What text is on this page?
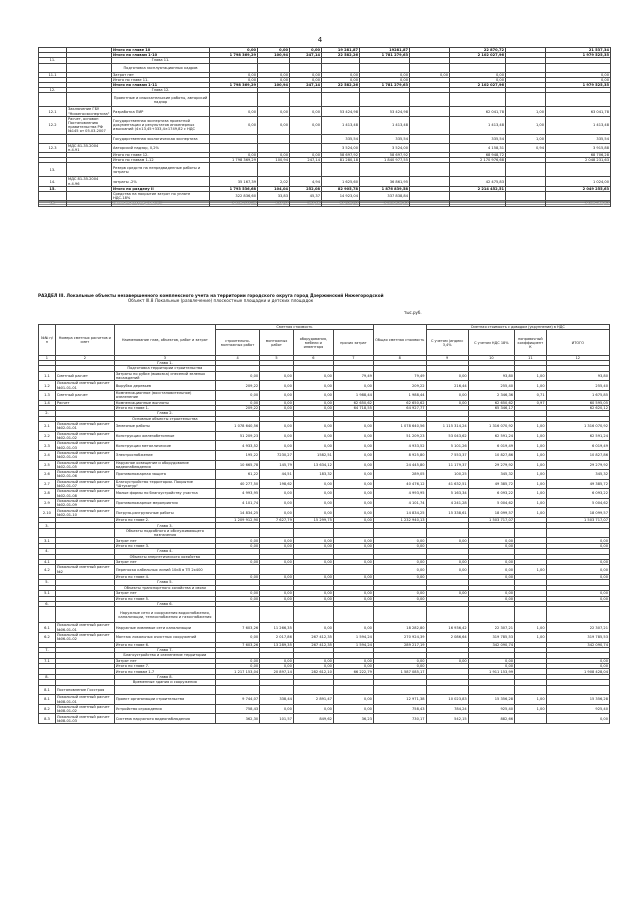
4
		Итого по главе 10	0,00	0,00	0,00	19 281,87	19281,87		22 870,72		21 537,34
		Итого по главам 1-10	1 798 369,29	100,94	247,14	22 582,26	1 781 279,63		2 102 027,96		1 979 525,35
11.		Глава 11.									
		Подготовка эксплуатационных кадров									
11.1		Затрат нет	0,00	0,00	0,00	0,00	0,00	0,00	0,00		0,00
		Итого по главе 11.	0,00	0,00	0,00	0,00	0,00		0,00		0,00
		Итого по главам 1-11	1 798 369,29	100,94	247,14	22 582,26	1 781 279,63		2 102 027,96		1 979 525,35
12.		Глава 12.									
		Проектные и изыскательские работы, авторский надзор									
12.1	Заключение ГБУ "Нижегосэкспертиза"	Разработка ПИР	0,00	0,00	0,00	53 424,98	53 424,98		62 041,78	1,00	63 041,78
12.2	Расчет, основан Постановлению правительства РФ №145 от 05.03.2007	Государственная экспертиза проектной документации и результатов инженерных изысканий (4×13,45+333,4×1749,82 с НДС	0,00	0,00	0,00	1 413,48	1 413,48		1 413,48	1,00	1 413,48
		Государственная экологическая экспертиза				335,54	335,54		335,54	1,00	335,54
12.3	МДС 81-35.2004 п.4.91	Авторский надзор, 0,2%				3 524,00	3 524,00		4 158,31	0,94	3 915,88
		Итого по главе 12.	0,00	0,00	0,00	58 697,92	58 697,92		68 948,72		68 706,28
		Итого по главам 1-12	1 798 369,29	100,94	247,14	81 280,18	1 840 977,55		2 170 976,68		2 048 231,63
13.		Резерв средств на непредвиденные работы и затраты									
14.	МДС 81-35.2004 п.4.96	затраты -2%	35 167,39	2,02	4,94	1 625,60	36 861,95		42 475,83		1 024,00
15.		Итого по разделу II	1 793 536,68	104,04	252,08	82 905,78	1 876 839,58		2 214 452,51		2 049 255,63
		Средства на покрытие затрат по уплате НДС-18%	322 836,60	33,83	45,37	14 923,04	337 838,84				
16.		Итого по разделу II с НДС	2 116 373,28	137,87	297,45	97 828,82	2 214 678,42				2 049 255,63
РАЗДЕЛ III. Локальные объекты незавершенного комплексного учета на территории городского округа город Дзержинский Нижегородской
Объект III.8 Локальные (развлечение) плоскостные площадки и детских площадок
тыс.руб.
№№ п/п	Номера сметных расчетов и смет	Наименование глав, объектов, работ и затрат	Сметная стоимость				Общая сметная стоимость	Сметная стоимость с доводом (укрупнение) в НДС			
			строительно-монтажных работ	монтажных работ	оборудования, мебели и инвентаря	прочих затрат		С учетом (индекс 3,4%	С учетом НДС 18%	поправочный коэффициент К	ИТОГО
1	2	3	4	5	6	7	8	9	10	11	12
		Глава 1.									
		Подготовка территории строительства									
1.1	Сметный расчет	Затраты по рубке (вывозка) снесений зеленых насаждений	0,00	0,00	0,00	79,49	79,49	0,00	93,80	1,00	93,80
1.2	Локальный сметный расчет №01-01-01	Вырубка деревьев	209,22	0,00	0,00	0,00	209,22	216,44	255,40	1,00	255,40
1.3	Сметный расчет	Компенсационное (восстановительное) озеленение	0,00	0,00	0,00	1 988,44	1 988,44	0,00	2 346,36	0,71	1 675,85
1.4	Расчет	Компенсационные выплаты	0,00	0,00	0,00	62 650,62	62 650,62	0,00	62 650,62	0,97	60 595,05
		Итого по главе 1.	209,22	0,00	0,00	64 718,55	64 927,77		65 346,17		62 620,12
2.		Глава 2.									
		Основные объекты строительства									
2.1	Локальный сметный расчет №02-01-01	Земляные работы	1 078 640,56	0,00	0,00	0,00	1 078 640,56	1 115 314,24	1 316 070,92	1,00	1 316 070,92
2.2	Локальный сметный расчет №02-01-02	Конструкции железобетонные	51 209,23	0,00	0,00	0,00	51 209,23	53 043,62	62 591,24	1,00	62 591,24
2.3	Локальный сметный расчет №02-01-03	Конструкции металлические	4 933,52	0,00	0,00	0,00	4 933,52	5 101,26	6 019,49	1,00	6 019,49
2.4	Локальный сметный расчет №02-01-04	Электроснабжение	195,22	7230,27	1582,51	0,00	8 925,80	7 553,37	10 827,86	1,00	10 827,86
2.5	Локальный сметный расчет №02-01-05	Наружное освещение и оборудование видеонаблюдения	10 665,78	145,79	13 634,12	0,00	24 445,80	11 179,37	29 279,92	1,00	29 279,92
2.6	Локальный сметный расчет №02-01-06	Противопожарная защита	61,22	44,51	183,32	0,00	289,05	100,25	345,32	1,00	345,32
2.7	Локальный сметный расчет №02-01-07	Благоустройство территории. Покрытие "Штукатур"	40 277,50	198,62	0,00	0,00	40 476,12	41 632,51	49 385,72	1,00	49 385,72
2.8	Локальный сметный расчет №02-01-08	Малые формы по благоустройству участка	4 993,95	0,00	0,00	0,00	4 993,95	5 163,34	6 093,22	1,00	6 093,22
2.9	Локальный сметный расчет №02-01-09	Противопожарные мероприятия	4 101,74	0,00	0,00	0,00	4 101,74	4 241,28	5 004,62	1,00	5 004,62
2.10	Локальный сметный расчет №02-01-10	Погрузо-разгрузочные работы	14 834,25	0,00	0,00	0,00	14 834,25	15 338,61	18 099,57	1,00	18 099,57
		Итого по главе 2.	1 209 912,90	7 627,79	15 299,75	0,00	1 232 940,13		1 503 717,07		1 503 717,07
3.		Глава 3.									
		Объекты подсобного и обслуживающего назначения									
3.1		Затрат нет	0,00	0,00	0,00	0,00	0,00	0,00	0,00		0,00
		Итого по главе 3.	0,00	0,00	0,00	0,00	0,00		0,00		0,00
4.		Глава 4.									
		Объекты энергетического хозяйства									
4.1		Затрат нет	0,00	0,00	0,00	0,00	0,00	0,00	0,00		0,00
4.2	Локальный сметный расчет №2	Переноска кабельных линий 10кВ в ТП 2х400					0,00	0,00	0,00	1,00	0,00
		Итого по главе 4.	0,00	0,00	0,00	0,00	0,00		0,00		0,00
5.		Глава 5.									
		Объекты транспортного хозяйства и связи									
5.1		Затрат нет	0,00	0,00	0,00	0,00	0,00	0,00	0,00		0,00
		Итого по главе 5.	0,00	0,00	0,00	0,00	0,00		0,00		0,00
6.		Глава 6.									
		Наружные сети и сооружения водоснабжения, канализации, теплоснабжения и газоснабжения									
6.1	Локальный сметный расчет №06-01-01	Наружные ливневые сети канализации	7 603,26	11 266,35	0,00	0,00	18 282,80	16 936,42	22 307,21	1,00	22 307,21
6.2	Локальный сметный расчет №06-01-02	Монтаж локальных очистных сооружений	0,00	2 017,86	267 412,35	1 594,24	270 924,39	2 086,64	319 785,53	1,00	319 785,53
		Итого по главе 6.	7 603,26	13 289,35	267 412,35	1 594,24	289 217,19		342 090,74		342 090,74
7.		Глава 7.									
		Благоустройство и озеленение территории									
7.1		Затрат нет	0,00	0,00	0,00	0,00	0,00	0,00	0,00		0,00
		Итого по главе 7.	0,00	0,00	0,00	0,00	0,00		0,00		0,00
		Итого по главам 1-7	1 217 153,04	20 897,14	282 612,10	66 222,79	1 587 085,17		1 911 153,99		1 908 428,04
8.		Глава 8.									
		Временные здания и сооружения									
8.1	Постановление Госстроя										
8.1	Локальный сметный расчет №08-01-01	Проект организации строительства	9 744,07	338,44	2 891,47	0,00	12 971,38	10 023,83	15 356,28	1,00	15 356,28
8.2	Локальный сметный расчет №08-01-02	Устройство ограждения	758,43	0,00	0,00	0,00	758,43	784,24	925,40	1,00	925,40
8.3	Локальный сметный расчет №08-01-03	Система наружного видеонаблюдения	362,30	101,57	849,62	36,23	730,17	542,15	882,66		0,00
